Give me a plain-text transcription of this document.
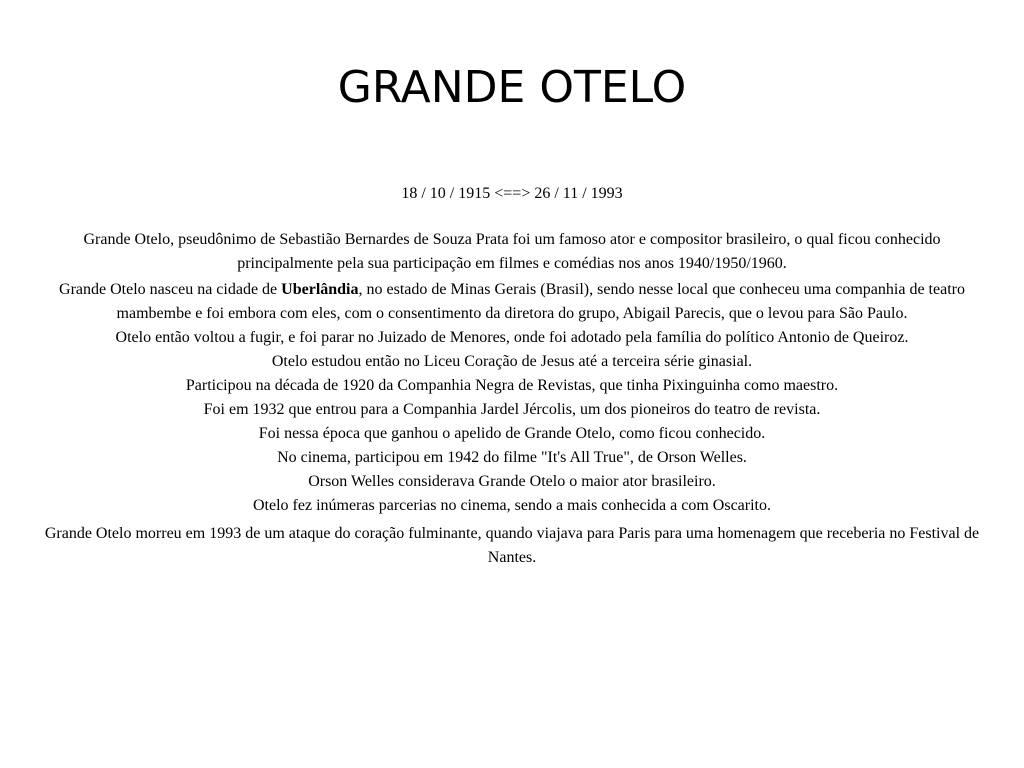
GRANDE OTELO

18 / 10 / 1915 <==> 26 / 11 / 1993

Grande Otelo, pseudônimo de Sebastião Bernardes de Souza Prata foi um famoso ator e compositor brasileiro, o qual ficou conhecido principalmente pela sua participação em filmes e comédias nos anos 1940/1950/1960.

Grande Otelo nasceu na cidade de Uberlândia, no estado de Minas Gerais (Brasil), sendo nesse local que conheceu uma companhia de teatro mambembe e foi embora com eles, com o consentimento da diretora do grupo, Abigail Parecis, que o levou para São Paulo.

Otelo então voltou a fugir, e foi parar no Juizado de Menores, onde foi adotado pela família do político Antonio de Queiroz.

Otelo estudou então no Liceu Coração de Jesus até a terceira série ginasial.

Participou na década de 1920 da Companhia Negra de Revistas, que tinha Pixinguinha como maestro.

Foi em 1932 que entrou para a Companhia Jardel Jércolis, um dos pioneiros do teatro de revista.

Foi nessa época que ganhou o apelido de Grande Otelo, como ficou conhecido.

No cinema, participou em 1942 do filme "It's All True", de Orson Welles.

Orson Welles considerava Grande Otelo o maior ator brasileiro.

Otelo fez inúmeras parcerias no cinema, sendo a mais conhecida a com Oscarito.

Grande Otelo morreu em 1993 de um ataque do coração fulminante, quando viajava para Paris para uma homenagem que receberia no Festival de Nantes.
